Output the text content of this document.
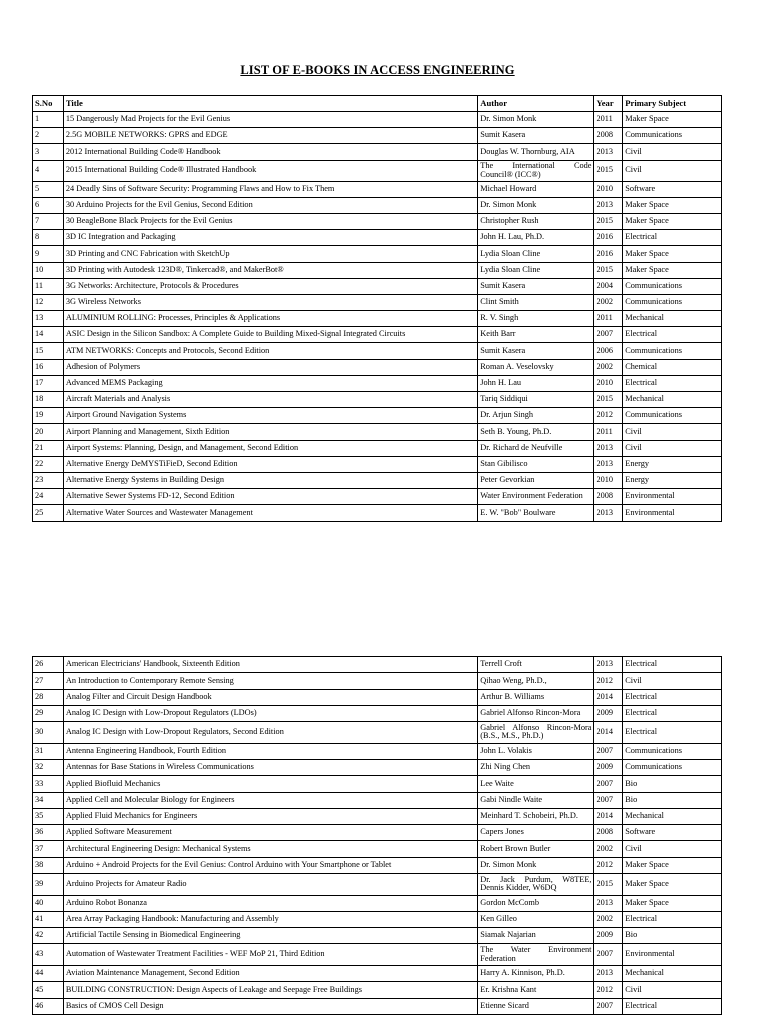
LIST OF E-BOOKS IN ACCESS ENGINEERING
S.No	Title	Author	Year	Primary Subject
1	15 Dangerously Mad Projects for the Evil Genius	Dr. Simon Monk	2011	Maker Space
2	2.5G MOBILE NETWORKS: GPRS and EDGE	Sumit Kasera	2008	Communications
3	2012 International Building Code® Handbook	Douglas W. Thornburg, AIA	2013	Civil
4	2015 International Building Code® Illustrated Handbook	The International Code Council® (ICC®)	2015	Civil
5	24 Deadly Sins of Software Security: Programming Flaws and How to Fix Them	Michael Howard	2010	Software
6	30 Arduino Projects for the Evil Genius, Second Edition	Dr. Simon Monk	2013	Maker Space
7	30 BeagleBone Black Projects for the Evil Genius	Christopher Rush	2015	Maker Space
8	3D IC Integration and Packaging	John H. Lau, Ph.D.	2016	Electrical
9	3D Printing and CNC Fabrication with SketchUp	Lydia Sloan Cline	2016	Maker Space
10	3D Printing with Autodesk 123D®, Tinkercad®, and MakerBot®	Lydia Sloan Cline	2015	Maker Space
11	3G Networks: Architecture, Protocols & Procedures	Sumit Kasera	2004	Communications
12	3G Wireless Networks	Clint Smith	2002	Communications
13	ALUMINIUM ROLLING: Processes, Principles & Applications	R. V. Singh	2011	Mechanical
14	ASIC Design in the Silicon Sandbox: A Complete Guide to Building Mixed-Signal Integrated Circuits	Keith Barr	2007	Electrical
15	ATM NETWORKS: Concepts and Protocols, Second Edition	Sumit Kasera	2006	Communications
16	Adhesion of Polymers	Roman A. Veselovsky	2002	Chemical
17	Advanced MEMS Packaging	John H. Lau	2010	Electrical
18	Aircraft Materials and Analysis	Tariq Siddiqui	2015	Mechanical
19	Airport Ground Navigation Systems	Dr. Arjun Singh	2012	Communications
20	Airport Planning and Management, Sixth Edition	Seth B. Young, Ph.D.	2011	Civil
21	Airport Systems: Planning, Design, and Management, Second Edition	Dr. Richard de Neufville	2013	Civil
22	Alternative Energy DeMYSTiFieD, Second Edition	Stan Gibilisco	2013	Energy
23	Alternative Energy Systems in Building Design	Peter Gevorkian	2010	Energy
24	Alternative Sewer Systems FD-12, Second Edition	Water Environment Federation	2008	Environmental
25	Alternative Water Sources and Wastewater Management	E. W. "Bob" Boulware	2013	Environmental
26	American Electricians' Handbook, Sixteenth Edition	Terrell Croft	2013	Electrical
27	An Introduction to Contemporary Remote Sensing	Qihao Weng, Ph.D.,	2012	Civil
28	Analog Filter and Circuit Design Handbook	Arthur B. Williams	2014	Electrical
29	Analog IC Design with Low-Dropout Regulators (LDOs)	Gabriel Alfonso Rincon-Mora	2009	Electrical
30	Analog IC Design with Low-Dropout Regulators, Second Edition	Gabriel Alfonso Rincon-Mora (B.S., M.S., Ph.D.)	2014	Electrical
31	Antenna Engineering Handbook, Fourth Edition	John L. Volakis	2007	Communications
32	Antennas for Base Stations in Wireless Communications	Zhi Ning Chen	2009	Communications
33	Applied Biofluid Mechanics	Lee Waite	2007	Bio
34	Applied Cell and Molecular Biology for Engineers	Gabi Nindle Waite	2007	Bio
35	Applied Fluid Mechanics for Engineers	Meinhard T. Schobeiri, Ph.D.	2014	Mechanical
36	Applied Software Measurement	Capers Jones	2008	Software
37	Architectural Engineering Design: Mechanical Systems	Robert Brown Butler	2002	Civil
38	Arduino + Android Projects for the Evil Genius: Control Arduino with Your Smartphone or Tablet	Dr. Simon Monk	2012	Maker Space
39	Arduino Projects for Amateur Radio	Dr. Jack Purdum, W8TEE, Dennis Kidder, W6DQ	2015	Maker Space
40	Arduino Robot Bonanza	Gordon McComb	2013	Maker Space
41	Area Array Packaging Handbook: Manufacturing and Assembly	Ken Gilleo	2002	Electrical
42	Artificial Tactile Sensing in Biomedical Engineering	Siamak Najarian	2009	Bio
43	Automation of Wastewater Treatment Facilities - WEF MoP 21, Third Edition	The Water Environment Federation	2007	Environmental
44	Aviation Maintenance Management, Second Edition	Harry A. Kinnison, Ph.D.	2013	Mechanical
45	BUILDING CONSTRUCTION: Design Aspects of Leakage and Seepage Free Buildings	Er. Krishna Kant	2012	Civil
46	Basics of CMOS Cell Design	Etienne Sicard	2007	Electrical
